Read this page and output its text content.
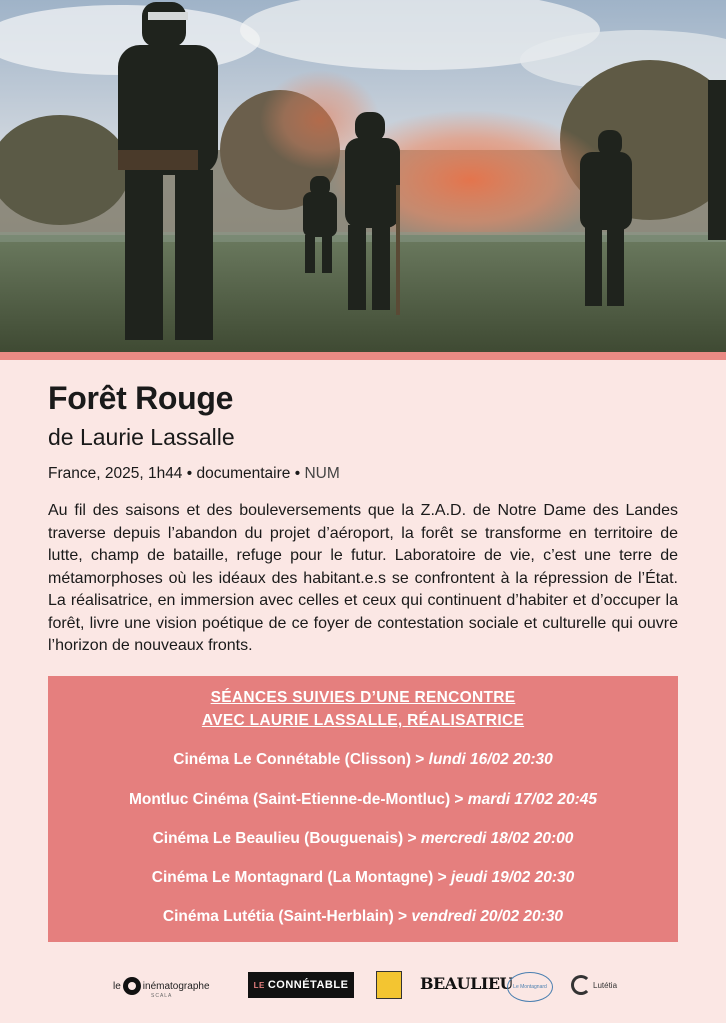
Forêt Rouge

de Laurie Lassalle

France, 2025, 1h44 • documentaire • NUM

Au fil des saisons et des bouleversements que la Z.A.D. de Notre Dame des Landes traverse depuis l’abandon du projet d’aéroport, la forêt se transforme en territoire de lutte, champ de bataille, refuge pour le futur. Laboratoire de vie, c’est une terre de métamorphoses où les idéaux des habitant.e.s se confrontent à la répression de l’État. La réalisatrice, en immersion avec celles et ceux qui continuent d’habiter et d’occuper la forêt, livre une vision poétique de ce foyer de contestation sociale et culturelle qui ouvre l’horizon de nouveaux fronts.

SÉANCES SUIVIES D’UNE RENCONTRE
AVEC LAURIE LASSALLE, RÉALISATRICE
Cinéma Le Connétable (Clisson) > lundi 16/02 20:30
Montluc Cinéma (Saint-Etienne-de-Montluc) > mardi 17/02 20:45
Cinéma Le Beaulieu (Bouguenais) > mercredi 18/02 20:00
Cinéma Le Montagnard (La Montagne) > jeudi 19/02 20:30
Cinéma Lutétia (Saint-Herblain) > vendredi 20/02 20:30
le inématographe
SCALA
LE CONNÉTABLE	BEAULIEU Le Montagnard	Lutétia
